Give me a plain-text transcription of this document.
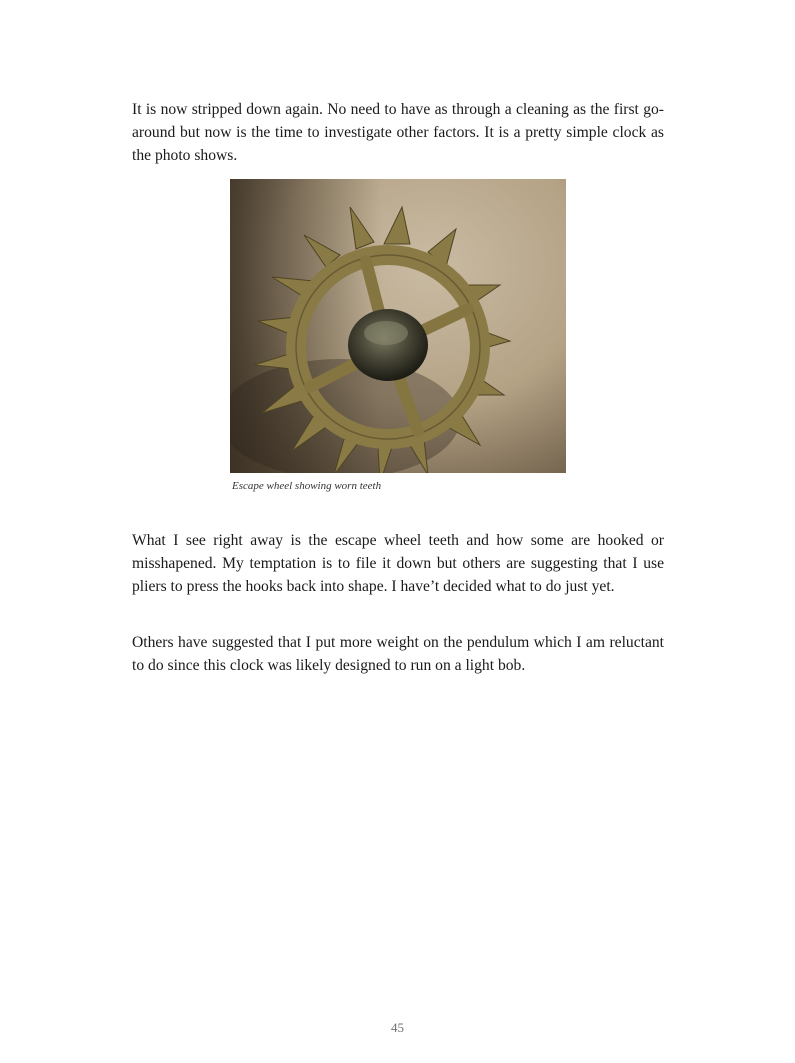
It is now stripped down again. No need to have as through a cleaning as the first go-around but now is the time to investigate other factors. It is a pretty simple clock as the photo shows.

Escape wheel showing worn teeth

What I see right away is the escape wheel teeth and how some are hooked or misshapened. My temptation is to file it down but others are suggesting that I use pliers to press the hooks back into shape. I have’t decided what to do just yet.

Others have suggested that I put more weight on the pendulum which I am reluctant to do since this clock was likely designed to run on a light bob.

45
